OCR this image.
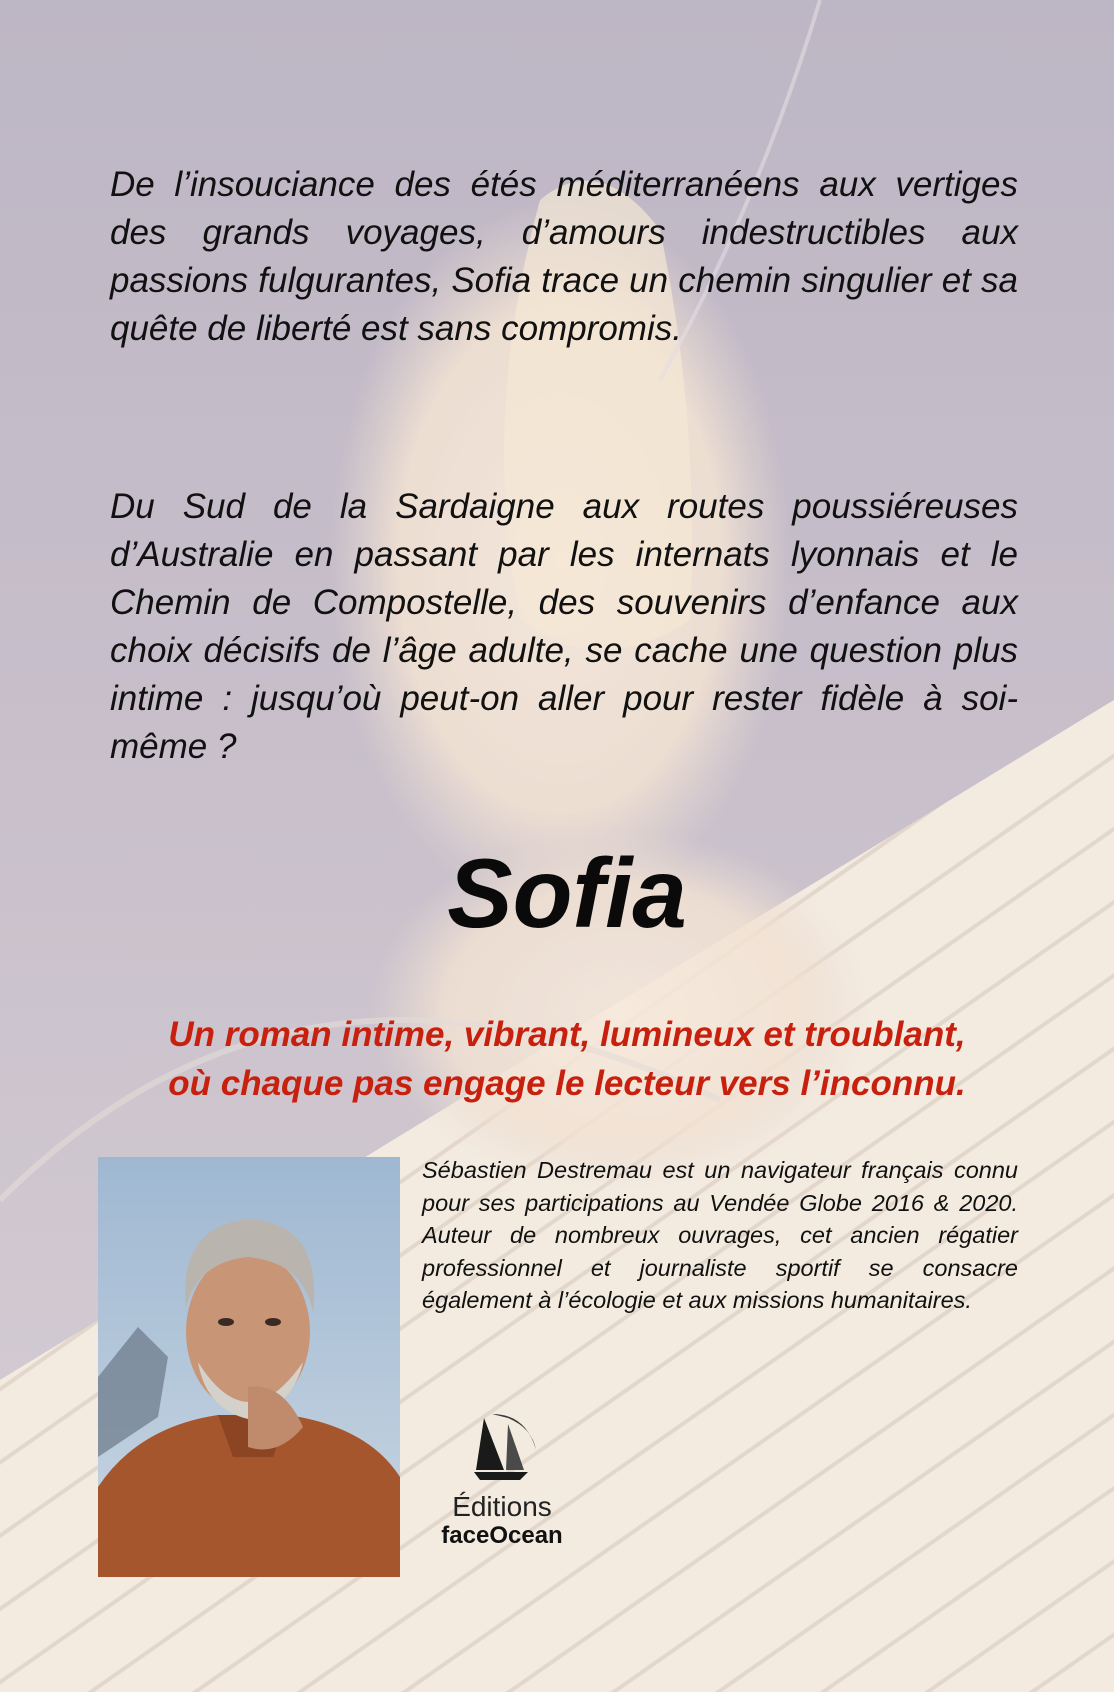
De l’insouciance des étés méditerranéens aux vertiges des grands voyages, d’amours indestructibles aux passions fulgurantes, Sofia trace un chemin singulier et sa quête de liberté est sans compromis.

Du Sud de la Sardaigne aux routes poussiéreuses d’Australie en passant par les internats lyonnais et le Chemin de Compostelle, des souvenirs d’enfance aux choix décisifs de l’âge adulte, se cache une question plus intime : jusqu’où peut-on aller pour rester fidèle à soi-même ?

Sofia

Un roman intime, vibrant, lumineux et troublant,
où chaque pas engage le lecteur vers l’inconnu.

Sébastien Destremau est un navigateur français connu pour ses participations au Vendée Globe 2016 & 2020. Auteur de nombreux ouvrages, cet ancien régatier professionnel et journaliste sportif se consacre également à l’écologie et aux missions humanitaires.

Éditions
faceOcean
